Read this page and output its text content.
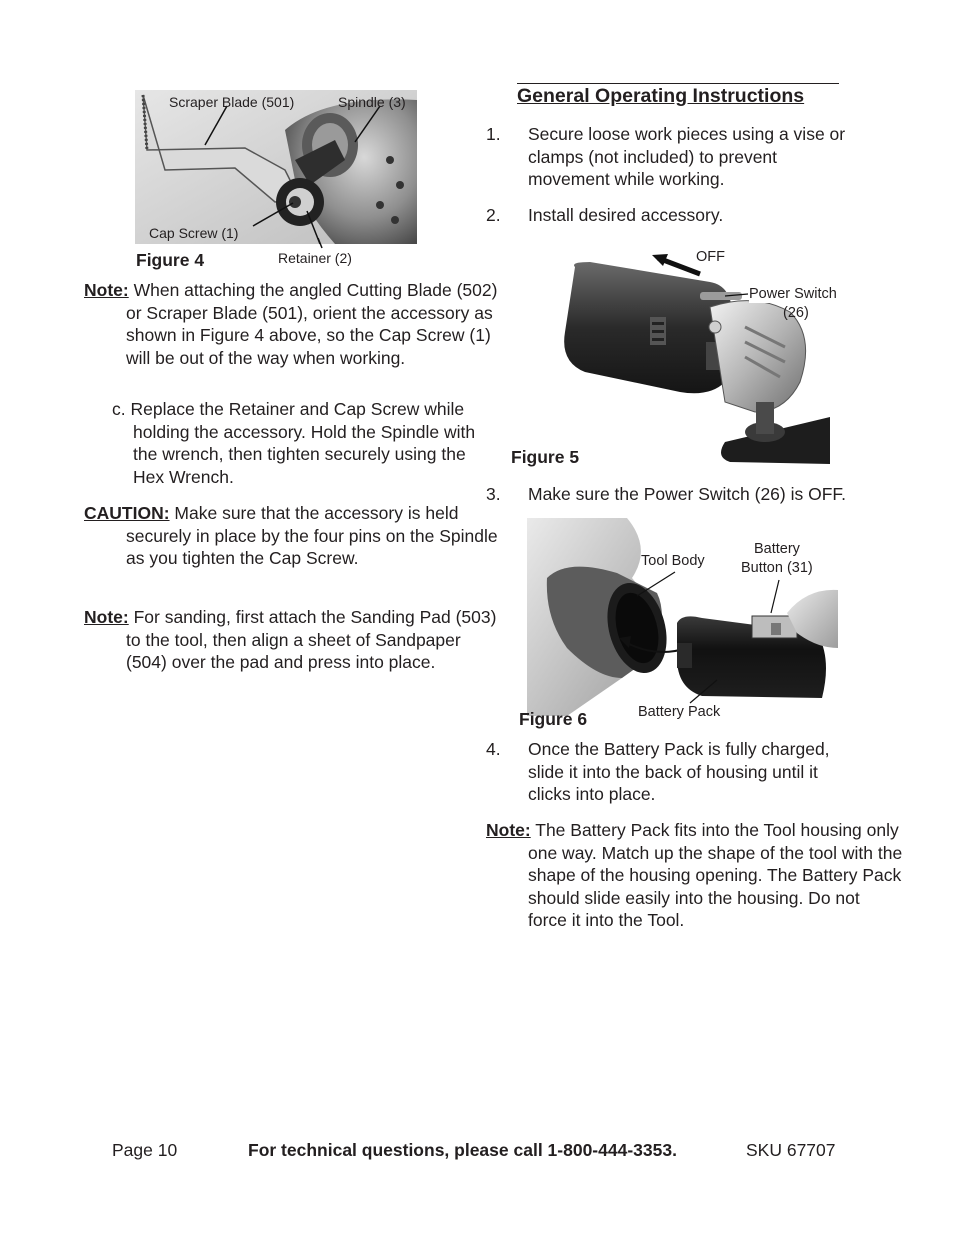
Scraper Blade (501)	Spindle (3)
Cap Screw (1)
Retainer (2)
Figure 4
Note: When attaching the angled Cutting Blade (502) or Scraper Blade (501), orient the accessory as shown in Figure 4 above, so the Cap Screw (1) will be out of the way when working.
c. Replace the Retainer and Cap Screw while holding the accessory. Hold the Spindle with the wrench, then tighten securely using the Hex Wrench.
CAUTION: Make sure that the accessory is held securely in place by the four pins on the Spindle as you tighten the Cap Screw.
Note: For sanding, first attach the Sanding Pad (503) to the tool, then align a sheet of Sandpaper (504) over the pad and press into place.
General Operating Instructions
1. Secure loose work pieces using a vise or clamps (not included) to prevent movement while working.
2. Install desired accessory.
OFF
Power Switch
(26)
Figure 5
3. Make sure the Power Switch (26) is OFF.
Tool Body
Battery
Button (31)
Battery Pack
Figure 6
4. Once the Battery Pack is fully charged, slide it into the back of housing until it clicks into place.
Note: The Battery Pack fits into the Tool housing only one way. Match up the shape of the tool with the shape of the housing opening. The Battery Pack should slide easily into the housing. Do not force it into the Tool.
Page 10	For technical questions, please call 1-800-444-3353.	SKU 67707
